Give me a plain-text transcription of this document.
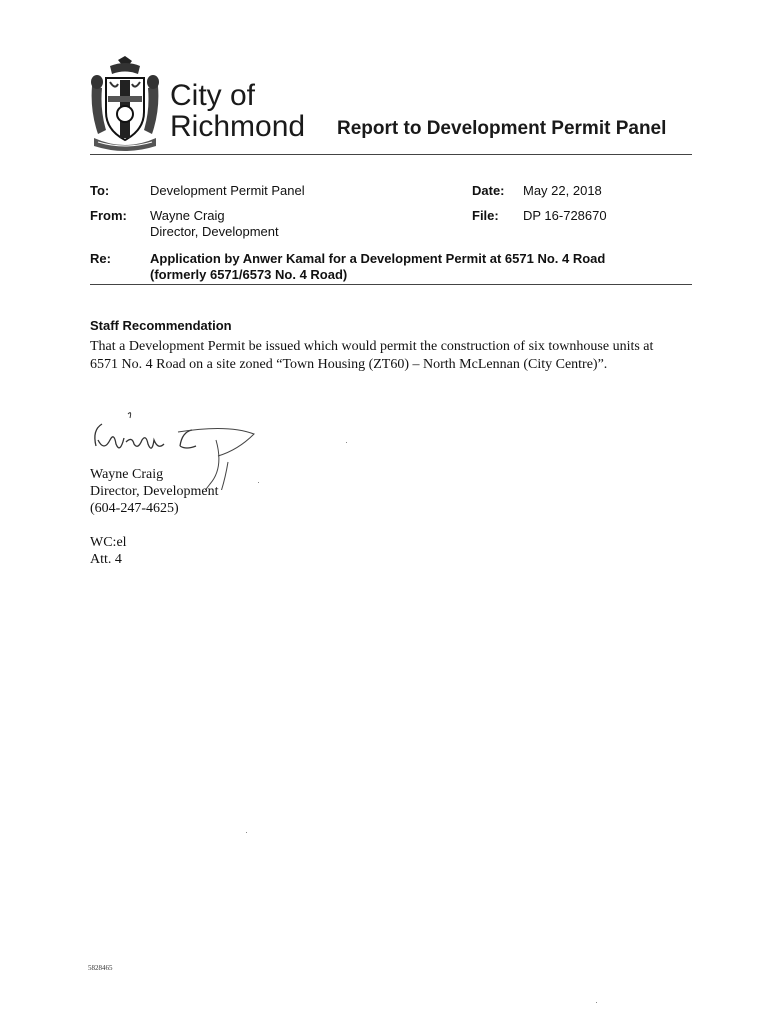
City of
Richmond Report to Development Permit Panel
To:	Development Permit Panel	Date: May 22, 2018
From: Wayne Craig
Director, Development
File: DP 16-728670
Re:	Application by Anwer Kamal for a Development Permit at 6571 No. 4 Road
(formerly 6571/6573 No. 4 Road)
Staff Recommendation
That a Development Permit be issued which would permit the construction of six townhouse units at 6571 No. 4 Road on a site zoned “Town Housing (ZT60) – North McLennan (City Centre)”.
Wayne Craig
Director, Development
(604-247-4625)
WC:el
Att. 4
5828465
